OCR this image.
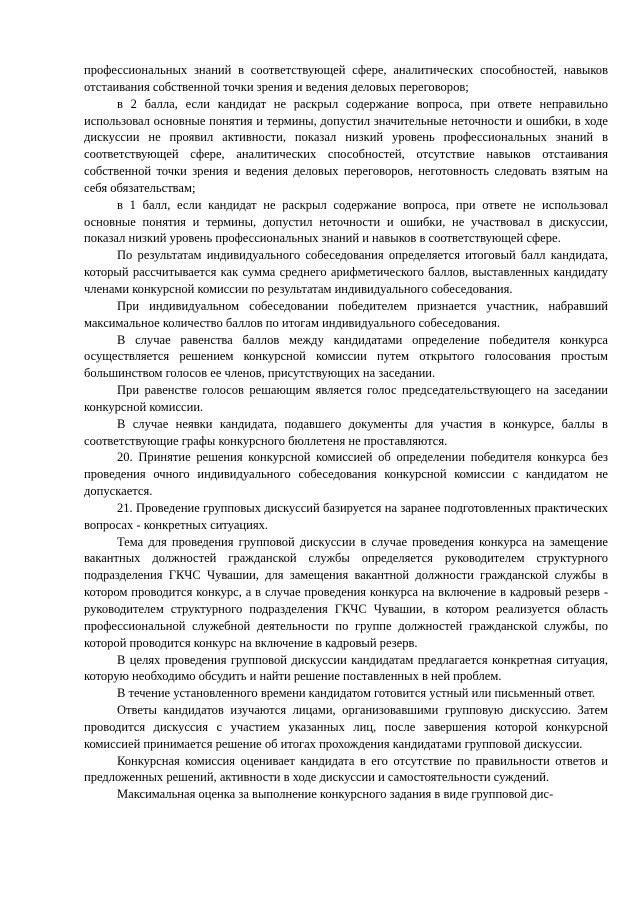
профессиональных знаний в соответствующей сфере, аналитических способностей, навыков отстаивания собственной точки зрения и ведения деловых переговоров;

в 2 балла, если кандидат не раскрыл содержание вопроса, при ответе неправильно использовал основные понятия и термины, допустил значительные неточности и ошибки, в ходе дискуссии не проявил активности, показал низкий уровень профессиональных знаний в соответствующей сфере, аналитических способностей, отсутствие навыков отстаивания собственной точки зрения и ведения деловых переговоров, неготовность следовать взятым на себя обязательствам;

в 1 балл, если кандидат не раскрыл содержание вопроса, при ответе не использовал основные понятия и термины, допустил неточности и ошибки, не участвовал в дискуссии, показал низкий уровень профессиональных знаний и навыков в соответствующей сфере.

По результатам индивидуального собеседования определяется итоговый балл кандидата, который рассчитывается как сумма среднего арифметического баллов, выставленных кандидату членами конкурсной комиссии по результатам индивидуального собеседования.

При индивидуальном собеседовании победителем признается участник, набравший максимальное количество баллов по итогам индивидуального собеседования.

В случае равенства баллов между кандидатами определение победителя конкурса осуществляется решением конкурсной комиссии путем открытого голосования простым большинством голосов ее членов, присутствующих на заседании.

При равенстве голосов решающим является голос председательствующего на заседании конкурсной комиссии.

В случае неявки кандидата, подавшего документы для участия в конкурсе, баллы в соответствующие графы конкурсного бюллетеня не проставляются.

20. Принятие решения конкурсной комиссией об определении победителя конкурса без проведения очного индивидуального собеседования конкурсной комиссии с кандидатом не допускается.

21. Проведение групповых дискуссий базируется на заранее подготовленных практических вопросах - конкретных ситуациях.

Тема для проведения групповой дискуссии в случае проведения конкурса на замещение вакантных должностей гражданской службы определяется руководителем структурного подразделения ГКЧС Чувашии, для замещения вакантной должности гражданской службы в котором проводится конкурс, а в случае проведения конкурса на включение в кадровый резерв - руководителем структурного подразделения ГКЧС Чувашии, в котором реализуется область профессиональной служебной деятельности по группе должностей гражданской службы, по которой проводится конкурс на включение в кадровый резерв.

В целях проведения групповой дискуссии кандидатам предлагается конкретная ситуация, которую необходимо обсудить и найти решение поставленных в ней проблем.

В течение установленного времени кандидатом готовится устный или письменный ответ.

Ответы кандидатов изучаются лицами, организовавшими групповую дискуссию. Затем проводится дискуссия с участием указанных лиц, после завершения которой конкурсной комиссией принимается решение об итогах прохождения кандидатами групповой дискуссии.

Конкурсная комиссия оценивает кандидата в его отсутствие по правильности ответов и предложенных решений, активности в ходе дискуссии и самостоятельности суждений.

Максимальная оценка за выполнение конкурсного задания в виде групповой дис-
